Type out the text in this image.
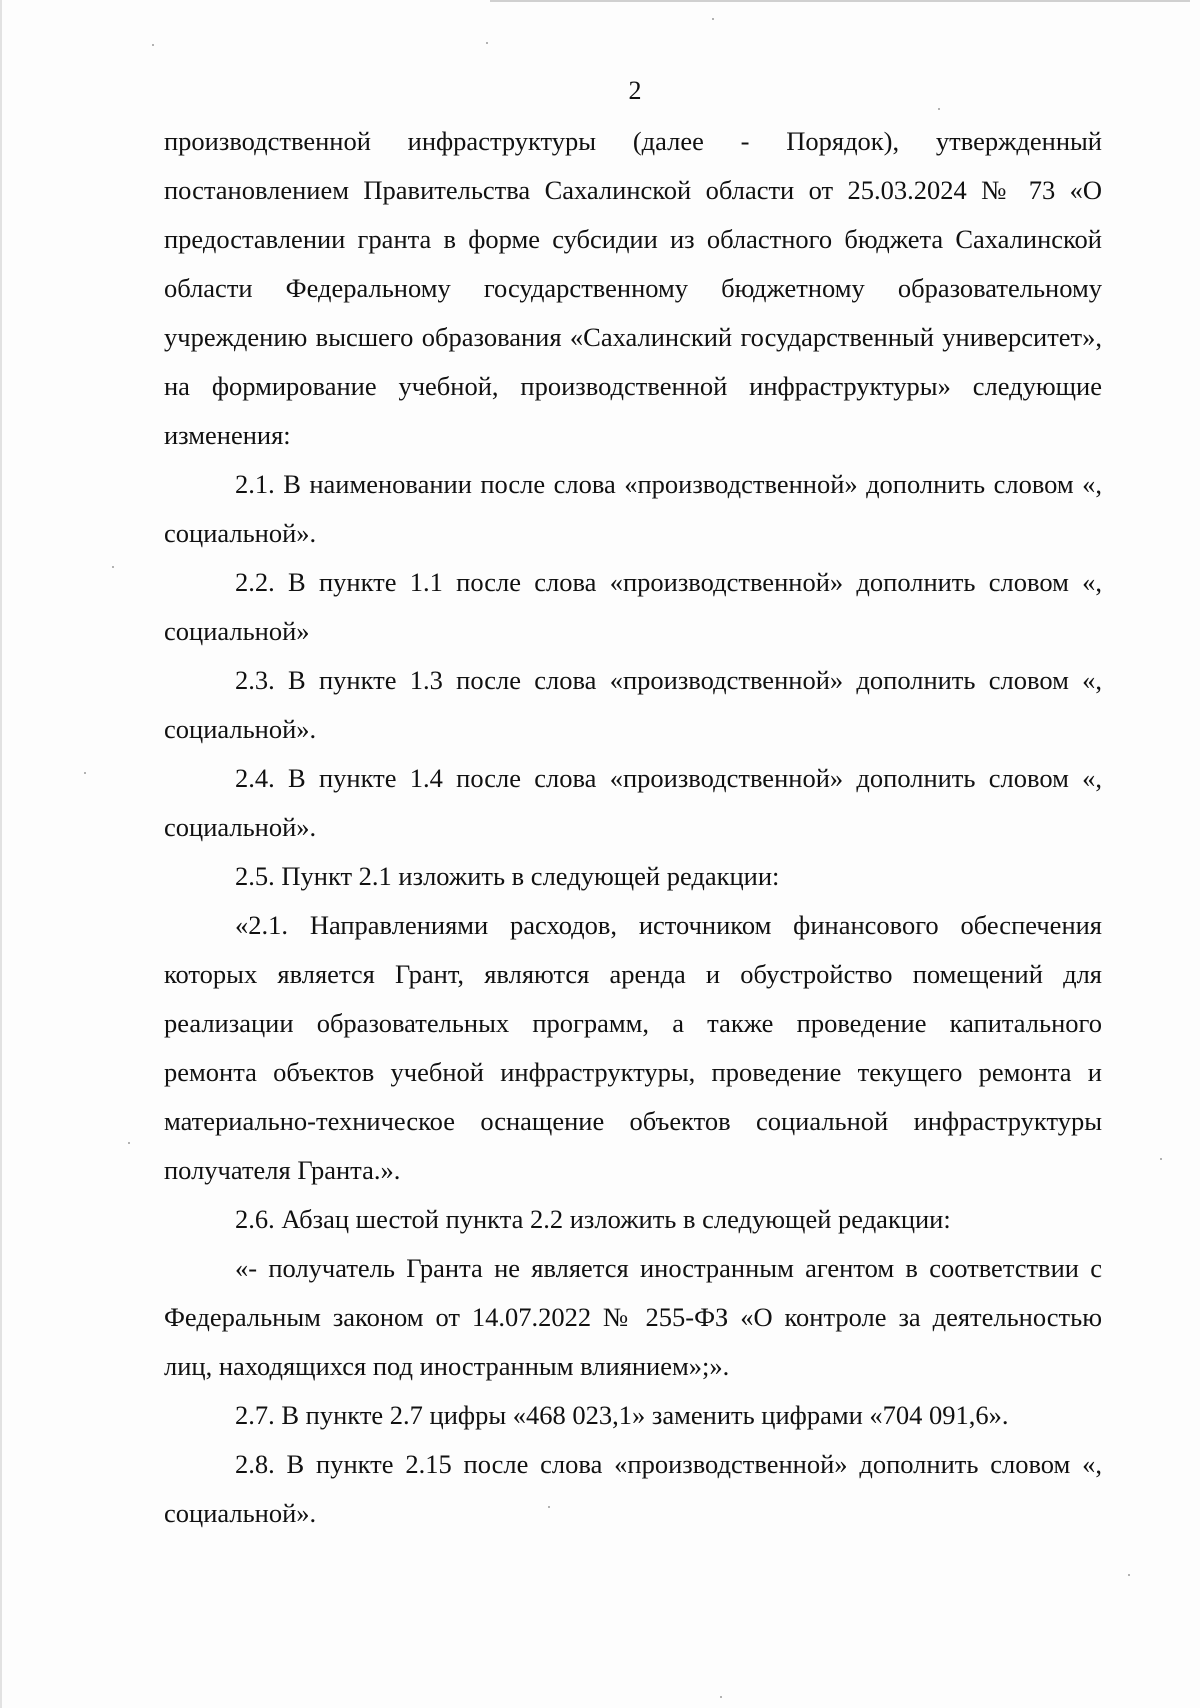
2

производственной инфраструктуры (далее - Порядок), утвержденный постановлением Правительства Сахалинской области от 25.03.2024 № 73 «О предоставлении гранта в форме субсидии из областного бюджета Сахалинской области Федеральному государственному бюджетному образовательному учреждению высшего образования «Сахалинский государственный университет», на формирование учебной, производственной инфраструктуры» следующие изменения:

2.1. В наименовании после слова «производственной» дополнить словом «, социальной».

2.2. В пункте 1.1 после слова «производственной» дополнить словом «, социальной»

2.3. В пункте 1.3 после слова «производственной» дополнить словом «, социальной».

2.4. В пункте 1.4 после слова «производственной» дополнить словом «, социальной».

2.5. Пункт 2.1 изложить в следующей редакции:

«2.1. Направлениями расходов, источником финансового обеспечения которых является Грант, являются аренда и обустройство помещений для реализации образовательных программ, а также проведение капитального ремонта объектов учебной инфраструктуры, проведение текущего ремонта и материально-техническое оснащение объектов социальной инфраструктуры получателя Гранта.».

2.6. Абзац шестой пункта 2.2 изложить в следующей редакции:

«- получатель Гранта не является иностранным агентом в соответствии с Федеральным законом от 14.07.2022 № 255-ФЗ «О контроле за деятельностью лиц, находящихся под иностранным влиянием»;».

2.7. В пункте 2.7 цифры «468 023,1» заменить цифрами «704 091,6».

2.8. В пункте 2.15 после слова «производственной» дополнить словом «, социальной».
